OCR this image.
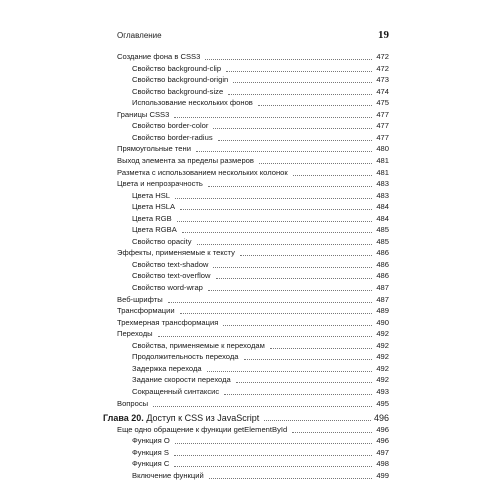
Оглавление	19
Создание фона в CSS3	472
Свойство background-clip	472
Свойство background-origin	473
Свойство background-size	474
Использование нескольких фонов	475
Границы CSS3	477
Свойство border-color	477
Свойство border-radius	477
Прямоугольные тени	480
Выход элемента за пределы размеров	481
Разметка с использованием нескольких колонок	481
Цвета и непрозрачность	483
Цвета HSL	483
Цвета HSLA	484
Цвета RGB	484
Цвета RGBA	485
Свойство opacity	485
Эффекты, применяемые к тексту	486
Свойство text-shadow	486
Свойство text-overflow	486
Свойство word-wrap	487
Веб-шрифты	487
Трансформации	489
Трехмерная трансформация	490
Переходы	492
Свойства, применяемые к переходам	492
Продолжительность перехода	492
Задержка перехода	492
Задание скорости перехода	492
Сокращенный синтаксис	493
Вопросы	495
Глава 20. Доступ к CSS из JavaScript	496
Еще одно обращение к функции getElementById	496
Функция O	496
Функция S	497
Функция C	498
Включение функций	499
